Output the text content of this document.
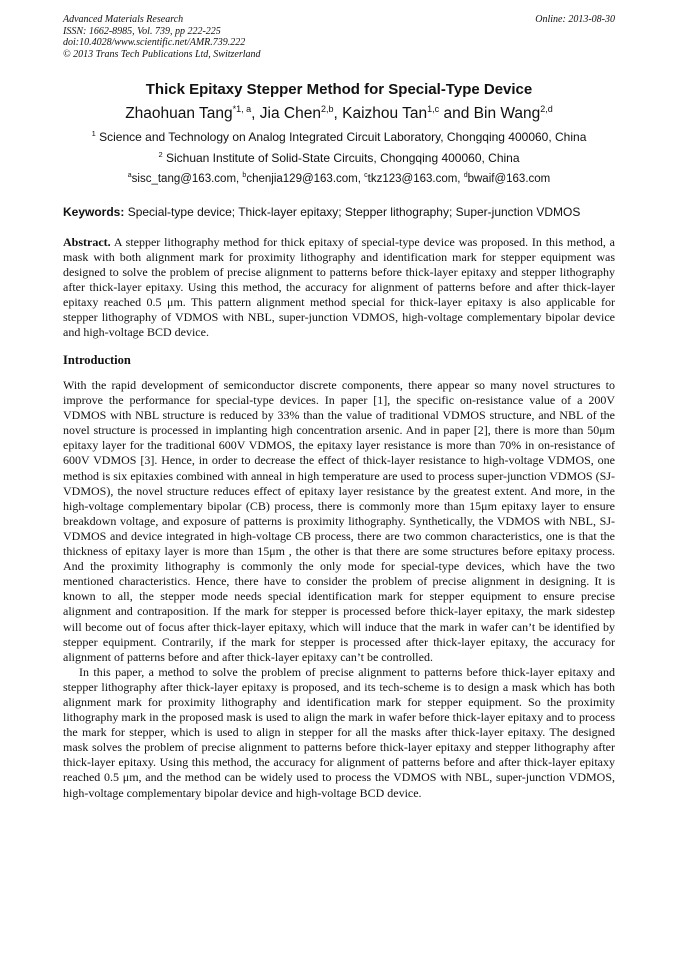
Advanced Materials Research	Online: 2013-08-30
ISSN: 1662-8985, Vol. 739, pp 222-225
doi:10.4028/www.scientific.net/AMR.739.222
© 2013 Trans Tech Publications Ltd, Switzerland
Thick Epitaxy Stepper Method for Special-Type Device
Zhaohuan Tang$^{*1, a}$, Jia Chen$^{2,b}$, Kaizhou Tan$^{1,c}$ and Bin Wang$^{2,d}$
$^1$ Science and Technology on Analog Integrated Circuit Laboratory, Chongqing 400060, China
$^2$ Sichuan Institute of Solid-State Circuits, Chongqing 400060, China
$^a$sisc_tang@163.com, $^b$chenjia129@163.com, $^c$tkz123@163.com, $^d$bwaif@163.com
Keywords: Special-type device; Thick-layer epitaxy; Stepper lithography; Super-junction VDMOS
Abstract. A stepper lithography method for thick epitaxy of special-type device was proposed. In this method, a mask with both alignment mark for proximity lithography and identification mark for stepper equipment was designed to solve the problem of precise alignment to patterns before thick-layer epitaxy and stepper lithography after thick-layer epitaxy. Using this method, the accuracy for alignment of patterns before and after thick-layer epitaxy reached 0.5 μm. This pattern alignment method special for thick-layer epitaxy is also applicable for stepper lithography of VDMOS with NBL, super-junction VDMOS, high-voltage complementary bipolar device and high-voltage BCD device.
Introduction

With the rapid development of semiconductor discrete components, there appear so many novel structures to improve the performance for special-type devices. In paper [1], the specific on-resistance value of a 200V VDMOS with NBL structure is reduced by 33% than the value of traditional VDMOS structure, and NBL of the novel structure is processed in implanting high concentration arsenic. And in paper [2], there is more than 50μm epitaxy layer for the traditional 600V VDMOS, the epitaxy layer resistance is more than 70% in on-resistance of 600V VDMOS [3]. Hence, in order to decrease the effect of thick-layer resistance to high-voltage VDMOS, one method is six epitaxies combined with anneal in high temperature are used to process super-junction VDMOS (SJ-VDMOS), the novel structure reduces effect of epitaxy layer resistance by the greatest extent. And more, in the high-voltage complementary bipolar (CB) process, there is commonly more than 15μm epitaxy layer to ensure breakdown voltage, and exposure of patterns is proximity lithography. Synthetically, the VDMOS with NBL, SJ-VDMOS and device integrated in high-voltage CB process, there are two common characteristics, one is that the thickness of epitaxy layer is more than 15μm , the other is that there are some structures before epitaxy process. And the proximity lithography is commonly the only mode for special-type devices, which have the two mentioned characteristics. Hence, there have to consider the problem of precise alignment in designing. It is known to all, the stepper mode needs special identification mark for stepper equipment to ensure precise alignment and contraposition. If the mark for stepper is processed before thick-layer epitaxy, the mark sidestep will become out of focus after thick-layer epitaxy, which will induce that the mark in wafer can’t be identified by stepper equipment. Contrarily, if the mark for stepper is processed after thick-layer epitaxy, the accuracy for alignment of patterns before and after thick-layer epitaxy can’t be controlled.

In this paper, a method to solve the problem of precise alignment to patterns before thick-layer epitaxy and stepper lithography after thick-layer epitaxy is proposed, and its tech-scheme is to design a mask which has both alignment mark for proximity lithography and identification mark for stepper equipment. So the proximity lithography mark in the proposed mask is used to align the mark in wafer before thick-layer epitaxy and to process the mark for stepper, which is used to align in stepper for all the masks after thick-layer epitaxy. The designed mask solves the problem of precise alignment to patterns before thick-layer epitaxy and stepper lithography after thick-layer epitaxy. Using this method, the accuracy for alignment of patterns before and after thick-layer epitaxy reached 0.5 μm, and the method can be widely used to process the VDMOS with NBL, super-junction VDMOS, high-voltage complementary bipolar device and high-voltage BCD device.
